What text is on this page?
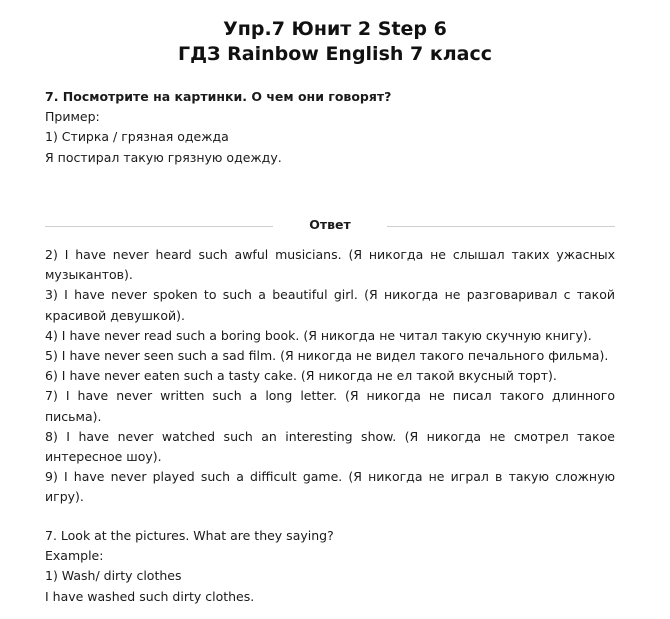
Упр.7 Юнит 2 Step 6
ГДЗ Rainbow English 7 класс
7. Посмотрите на картинки. О чем они говорят?
Пример:
1) Стирка / грязная одежда
Я постирал такую грязную одежду.
Ответ

2) I have never heard such awful musicians. (Я никогда не слышал таких ужасных музыкантов).

3) I have never spoken to such a beautiful girl. (Я никогда не разговаривал с такой красивой девушкой).

4) I have never read such a boring book. (Я никогда не читал такую скучную книгу).

5) I have never seen such a sad film. (Я никогда не видел такого печального фильма).

6) I have never eaten such a tasty cake. (Я никогда не ел такой вкусный торт).

7) I have never written such a long letter. (Я никогда не писал такого длинного письма).

8) I have never watched such an interesting show. (Я никогда не смотрел такое интересное шоу).

9) I have never played such a difficult game. (Я никогда не играл в такую сложную игру).

7. Look at the pictures. What are they saying?
Example:
1) Wash/ dirty clothes
I have washed such dirty clothes.
